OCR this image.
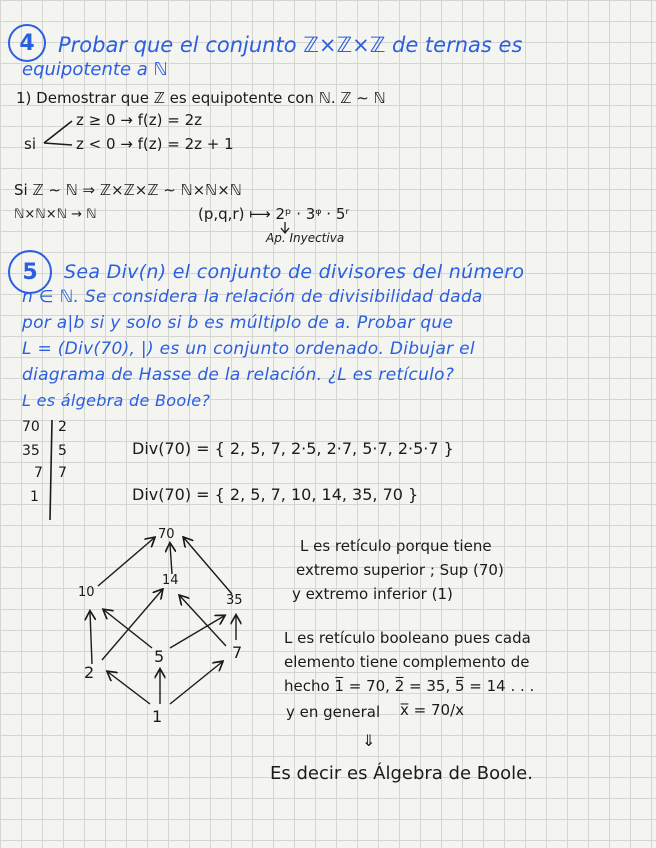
4 Probar que el conjunto ℤ×ℤ×ℤ de ternas es
equipotente a ℕ
1) Demostrar que ℤ es equipotente con ℕ. ℤ ∼ ℕ
si
z ≥ 0 → f(z) = 2z
z < 0 → f(z) = 2z + 1
Si ℤ ∼ ℕ ⇒ ℤ×ℤ×ℤ ∼ ℕ×ℕ×ℕ
ℕ×ℕ×ℕ → ℕ	(p,q,r) ⟼ 2ᵖ · 3ᵠ · 5ʳ
Ap. Inyectiva
5 Sea Div(n) el conjunto de divisores del número
n ∈ ℕ. Se considera la relación de divisibilidad dada
por a|b si y solo si b es múltiplo de a. Probar que
L = (Div(70), |) es un conjunto ordenado. Dibujar el
diagrama de Hasse de la relación. ¿L es retículo?
L es álgebra de Boole?
70
35
7
1
2
5
7
Div(70) = { 2, 5, 7, 2·5, 2·7, 5·7, 2·5·7 }
Div(70) = { 2, 5, 7, 10, 14, 35, 70 }
70
10
14
35
2
5	7
1
L es retículo porque tiene
extremo superior ; Sup (70)
y extremo inferior (1)
L es retículo booleano pues cada
elemento tiene complemento de
hecho 1̅ = 70, 2̅ = 35, 5̅ = 14 . . .
y en general x̅ = 70/x
⇓
Es decir es Álgebra de Boole.
